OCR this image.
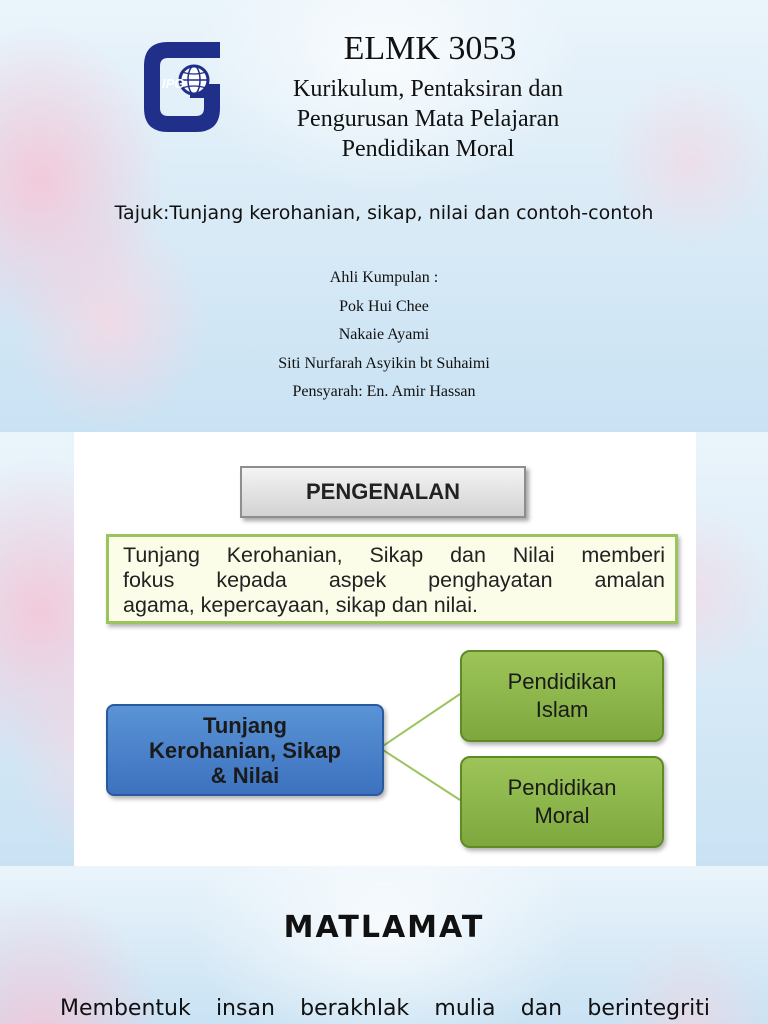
IPG
ELMK 3053
Kurikulum, Pentaksiran dan
Pengurusan Mata Pelajaran
Pendidikan Moral
Tajuk:Tunjang kerohanian, sikap, nilai dan contoh-contoh
Ahli Kumpulan :
Pok Hui Chee
Nakaie Ayami
Siti Nurfarah Asyikin bt Suhaimi
Pensyarah: En. Amir Hassan
PENGENALAN
Tunjang Kerohanian, Sikap dan Nilai memberi
fokus kepada aspek penghayatan amalan
agama, kepercayaan, sikap dan nilai.
Tunjang
Kerohanian, Sikap
& Nilai
Pendidikan
Islam
Pendidikan
Moral
MATLAMAT
Membentuk insan berakhlak mulia dan berintegriti
